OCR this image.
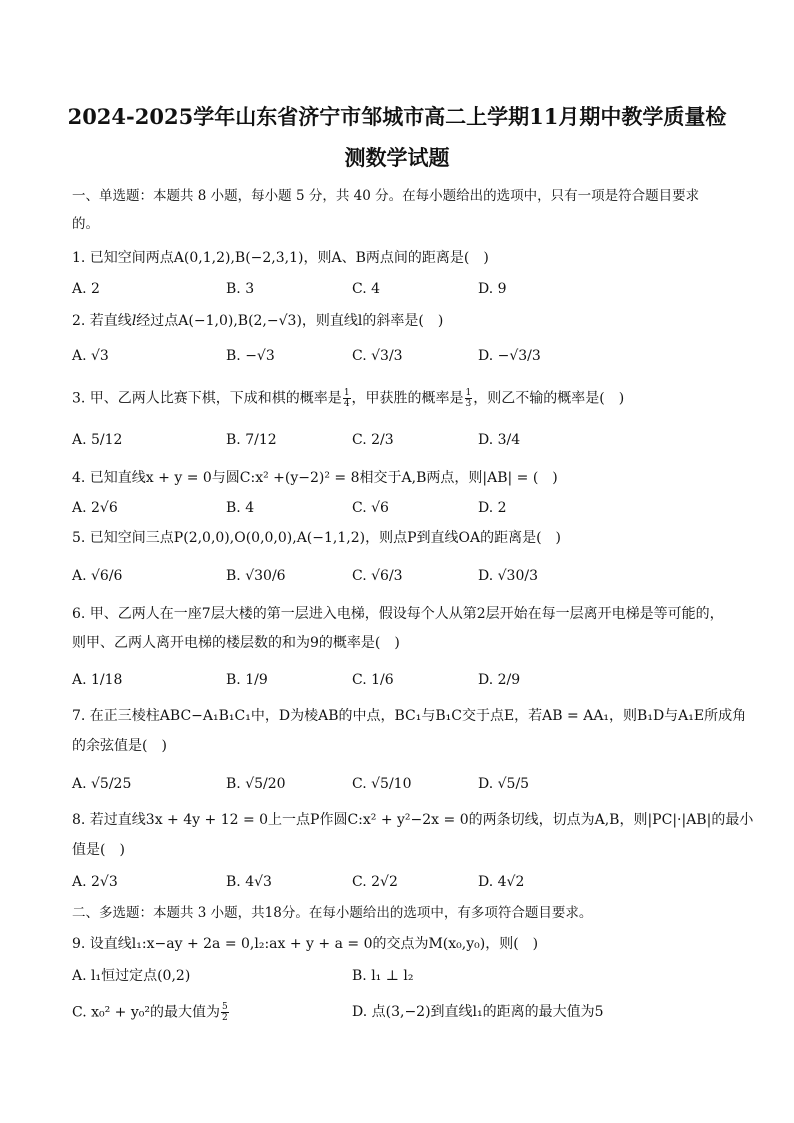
2024-2025学年山东省济宁市邹城市高二上学期11月期中教学质量检
测数学试题
一、单选题：本题共 8 小题，每小题 5 分，共 40 分。在每小题给出的选项中，只有一项是符合题目要求
的。
1. 已知空间两点A(0,1,2),B(−2,3,1)，则A、B两点间的距离是(　)
A. 2	B. 3	C. 4	D. 9
2. 若直线l经过点A(−1,0),B(2,−√3)，则直线l的斜率是(　)
A. √3	B. −√3	C. √3/3	D. −√3/3
3. 甲、乙两人比赛下棋，下成和棋的概率是 $\frac{1}{4}$ ，甲获胜的概率是 $\frac{1}{3}$ ，则乙不输的概率是(　)
A. 5/12	B. 7/12	C. 2/3	D. 3/4
4. 已知直线x + y = 0与圆C:x² +(y−2)² = 8相交于A,B两点，则|AB| = (　)
A. 2√6	B. 4	C. √6	D. 2
5. 已知空间三点P(2,0,0),O(0,0,0),A(−1,1,2)，则点P到直线OA的距离是(　)
A. √6/6	B. √30/6	C. √6/3	D. √30/3
6. 甲、乙两人在一座7层大楼的第一层进入电梯，假设每个人从第2层开始在每一层离开电梯是等可能的，
则甲、乙两人离开电梯的楼层数的和为9的概率是(　)
A. 1/18	B. 1/9	C. 1/6	D. 2/9
7. 在正三棱柱ABC−A₁B₁C₁中，D为棱AB的中点，BC₁与B₁C交于点E，若AB = AA₁，则B₁D与A₁E所成角
的余弦值是(　)
A. √5/25	B. √5/20	C. √5/10	D. √5/5
8. 若过直线3x + 4y + 12 = 0上一点P作圆C:x² + y²−2x = 0的两条切线，切点为A,B，则|PC|·|AB|的最小
值是(　)
A. 2√3	B. 4√3	C. 2√2	D. 4√2
二、多选题：本题共 3 小题，共18分。在每小题给出的选项中，有多项符合题目要求。
9. 设直线l₁:x−ay + 2a = 0,l₂:ax + y + a = 0的交点为M(x₀,y₀)，则(　)
A. l₁恒过定点(0,2)	B. l₁ ⊥ l₂
C. x₀² + y₀²的最大值为 $\frac{5}{2}$	D. 点(3,−2)到直线l₁的距离的最大值为5
